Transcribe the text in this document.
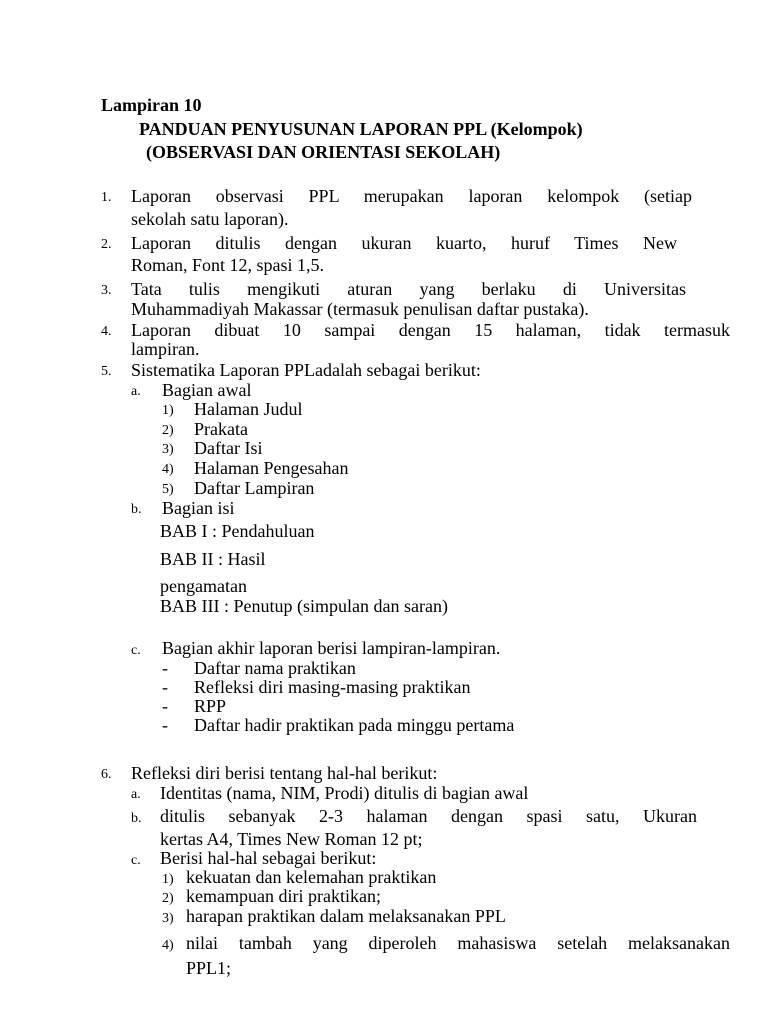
Lampiran 10
PANDUAN PENYUSUNAN LAPORAN PPL (Kelompok)
(OBSERVASI DAN ORIENTASI SEKOLAH)
1. Laporan observasi PPL merupakan laporan kelompok (setiap
sekolah satu laporan).
2. Laporan ditulis dengan ukuran kuarto, huruf Times New
Roman, Font 12, spasi 1,5.
3. Tata tulis mengikuti aturan yang berlaku di Universitas
Muhammadiyah Makassar (termasuk penulisan daftar pustaka).
4. Laporan dibuat 10 sampai dengan 15 halaman, tidak termasuk
lampiran.
5. Sistematika Laporan PPLadalah sebagai berikut:
a. Bagian awal
1) Halaman Judul
2) Prakata
3) Daftar Isi
4) Halaman Pengesahan
5) Daftar Lampiran
b. Bagian isi
BAB I : Pendahuluan
BAB II : Hasil
pengamatan
BAB III : Penutup (simpulan dan saran)
c. Bagian akhir laporan berisi lampiran-lampiran.
- Daftar nama praktikan
- Refleksi diri masing-masing praktikan
- RPP
- Daftar hadir praktikan pada minggu pertama
6. Refleksi diri berisi tentang hal-hal berikut:
a. Identitas (nama, NIM, Prodi) ditulis di bagian awal
b. ditulis sebanyak 2-3 halaman dengan spasi satu, Ukuran
kertas A4, Times New Roman 12 pt;
c. Berisi hal-hal sebagai berikut:
1) kekuatan dan kelemahan praktikan
2) kemampuan diri praktikan;
3) harapan praktikan dalam melaksanakan PPL
4) nilai tambah yang diperoleh mahasiswa setelah melaksanakan
PPL1;
